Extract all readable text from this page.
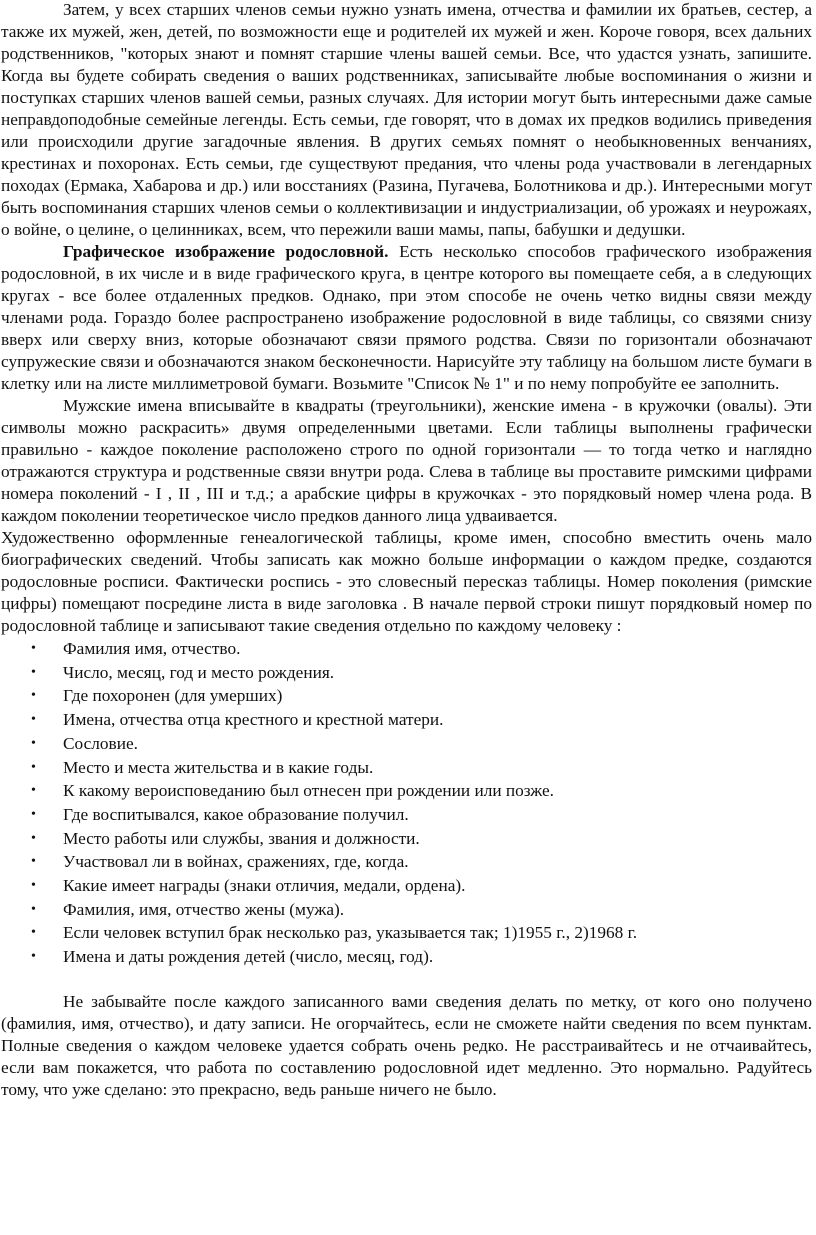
Затем, у всех старших членов семьи нужно узнать имена, отчества и фамилии их братьев, сестер, а также их мужей, жен, детей, по возможности еще и родителей их мужей и жен. Короче говоря, всех дальних родственников, "которых знают и помнят старшие члены вашей семьи. Все, что удастся узнать, запишите. Когда вы будете собирать сведения о ваших родственниках, записывайте любые воспоминания о жизни и поступках старших членов вашей семьи, разных случаях. Для истории могут быть интересными даже самые неправдоподобные семейные легенды. Есть семьи, где говорят, что в домах их предков водились приведения или происходили другие загадочные явления. В других семьях помнят о необыкновенных венчаниях, крестинах и похоронах. Есть семьи, где существуют предания, что члены рода участвовали в легендарных походах (Ермака, Хабарова и др.) или восстаниях (Разина, Пугачева, Болотникова и др.). Интересными могут быть воспоминания старших членов семьи о коллективизации и индустриализации, об урожаях и неурожаях, о войне, о целине, о целинниках, всем, что пережили ваши мамы, папы, бабушки и дедушки.

Графическое изображение родословной. Есть несколько способов графического изображения родословной, в их числе и в виде графического круга, в центре которого вы помещаете себя, а в следующих кругах - все более отдаленных предков. Однако, при этом способе не очень четко видны связи между членами рода. Гораздо более распространено изображение родословной в виде таблицы, со связями снизу вверх или сверху вниз, которые обозначают связи прямого родства. Связи по горизонтали обозначают супружеские связи и обозначаются знаком бесконечности. Нарисуйте эту таблицу на большом листе бумаги в клетку или на листе миллиметровой бумаги. Возьмите "Список № 1" и по нему попробуйте ее заполнить.

Мужские имена вписывайте в квадраты (треугольники), женские имена - в кружочки (овалы). Эти символы можно раскрасить» двумя определенными цветами. Если таблицы выполнены графически правильно - каждое поколение расположено строго по одной горизонтали — то тогда четко и наглядно отражаются структура и родственные связи внутри рода. Слева в таблице вы проставите римскими цифрами номера поколений - I , II , III и т.д.; а арабские цифры в кружочках - это порядковый номер члена рода. В каждом поколении теоретическое число предков данного лица удваивается.

Художественно оформленные генеалогической таблицы, кроме имен, способно вместить очень мало биографических сведений. Чтобы записать как можно больше информации о каждом предке, создаются родословные росписи. Фактически роспись - это словесный пересказ таблицы. Номер поколения (римские цифры) помещают посредине листа в виде заголовка . В начале первой строки пишут порядковый номер по родословной таблице и записывают такие сведения отдельно по каждому человеку :

• Фамилия имя, отчество.
• Число, месяц, год и место рождения.
• Где похоронен (для умерших)
• Имена, отчества отца крестного и крестной матери.
• Сословие.
• Место и места жительства и в какие годы.
• К какому вероисповеданию был отнесен при рождении или позже.
• Где воспитывался, какое образование получил.
• Место работы или службы, звания и должности.
• Участвовал ли в войнах, сражениях, где, когда.
• Какие имеет награды (знаки отличия, медали, ордена).
• Фамилия, имя, отчество жены (мужа).
• Если человек вступил брак несколько раз, указывается так; 1)1955 г., 2)1968 г.
• Имена и даты рождения детей (число, месяц, год).

Не забывайте после каждого записанного вами сведения делать по метку, от кого оно получено (фамилия, имя, отчество), и дату записи. Не огорчайтесь, если не сможете найти сведения по всем пунктам. Полные сведения о каждом человеке удается собрать очень редко. Не расстраивайтесь и не отчаивайтесь, если вам покажется, что работа по составлению родословной идет медленно. Это нормально. Радуйтесь тому, что уже сделано: это прекрасно, ведь раньше ничего не было.
